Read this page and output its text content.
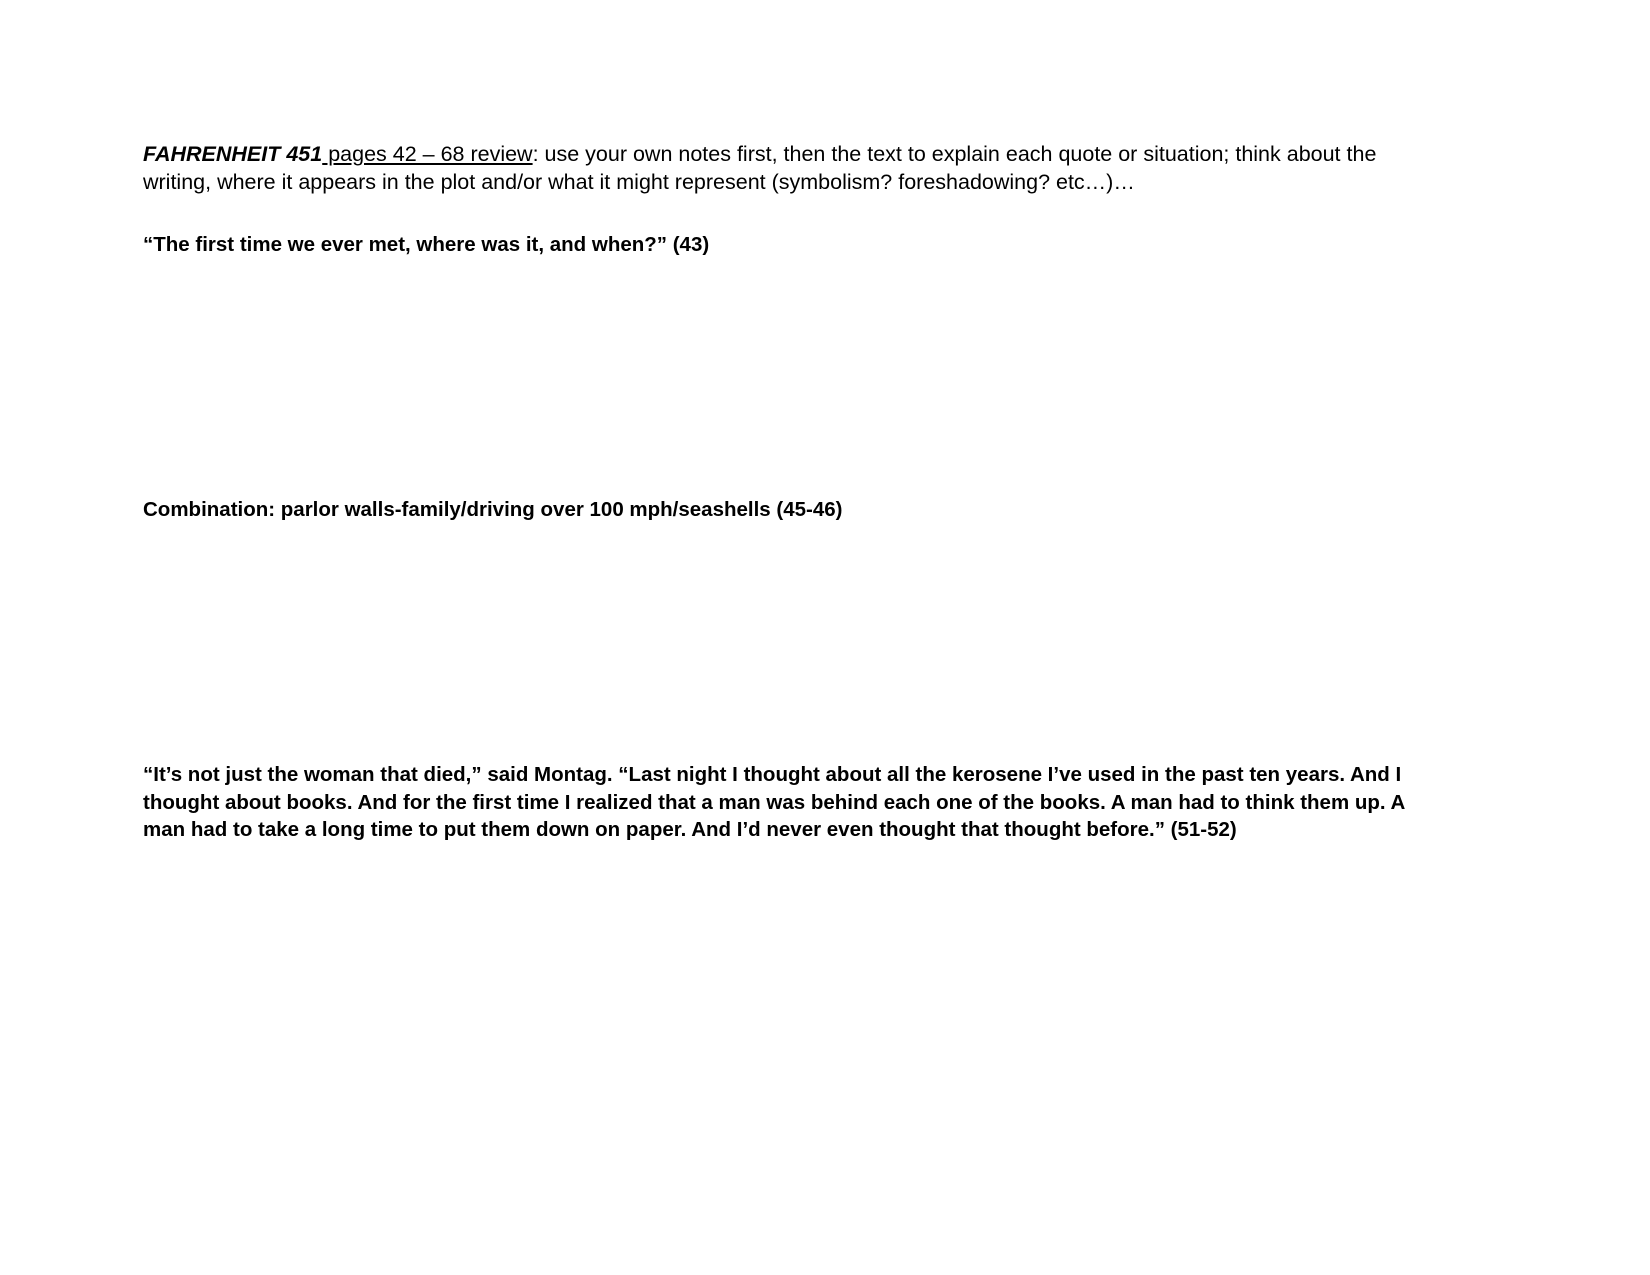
FAHRENHEIT 451 pages 42 – 68 review: use your own notes first, then the text to explain each quote or situation; think about the writing, where it appears in the plot and/or what it might represent (symbolism? foreshadowing? etc…)…

“The first time we ever met, where was it, and when?” (43)

Combination: parlor walls-family/driving over 100 mph/seashells (45-46)

“It’s not just the woman that died,” said Montag. “Last night I thought about all the kerosene I’ve used in the past ten years. And I thought about books. And for the first time I realized that a man was behind each one of the books. A man had to think them up. A man had to take a long time to put them down on paper. And I’d never even thought that thought before.” (51-52)
